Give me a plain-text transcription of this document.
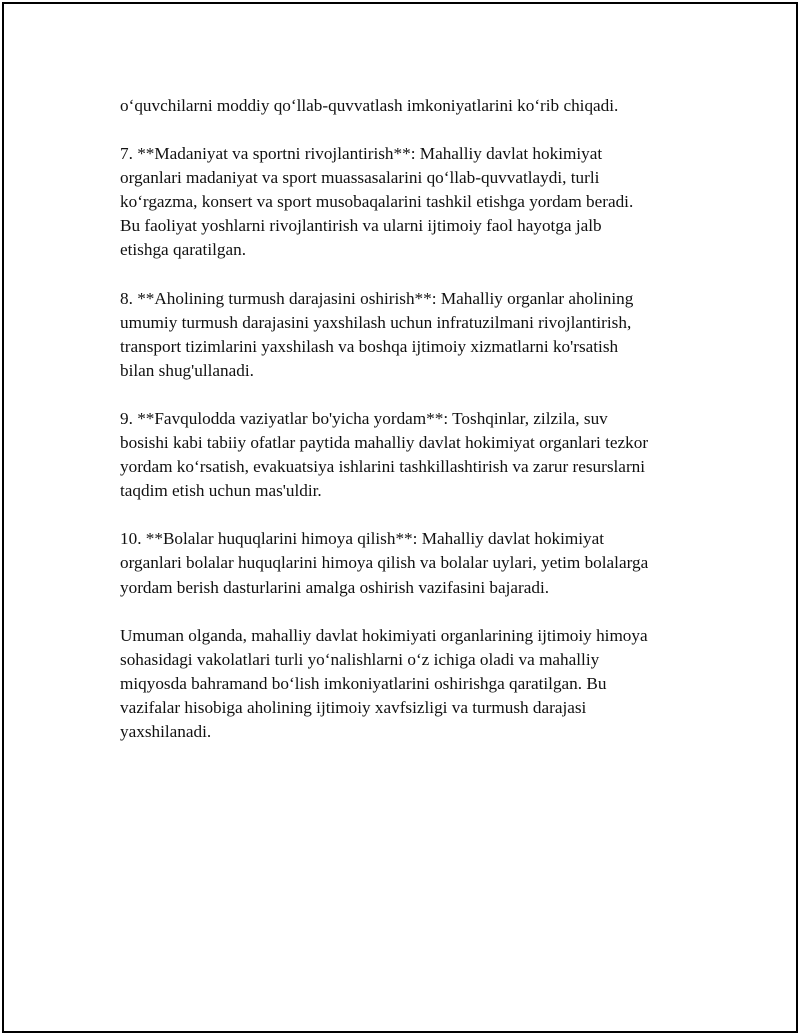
o‘quvchilarni moddiy qo‘llab-quvvatlash imkoniyatlarini ko‘rib chiqadi.

7. **Madaniyat va sportni rivojlantirish**: Mahalliy davlat hokimiyat
organlari madaniyat va sport muassasalarini qo‘llab-quvvatlaydi, turli
ko‘rgazma, konsert va sport musobaqalarini tashkil etishga yordam beradi.
Bu faoliyat yoshlarni rivojlantirish va ularni ijtimoiy faol hayotga jalb
etishga qaratilgan.

8. **Aholining turmush darajasini oshirish**: Mahalliy organlar aholining
umumiy turmush darajasini yaxshilash uchun infratuzilmani rivojlantirish,
transport tizimlarini yaxshilash va boshqa ijtimoiy xizmatlarni ko'rsatish
bilan shug'ullanadi.

9. **Favqulodda vaziyatlar bo'yicha yordam**: Toshqinlar, zilzila, suv
bosishi kabi tabiiy ofatlar paytida mahalliy davlat hokimiyat organlari tezkor
yordam ko‘rsatish, evakuatsiya ishlarini tashkillashtirish va zarur resurslarni
taqdim etish uchun mas'uldir.

10. **Bolalar huquqlarini himoya qilish**: Mahalliy davlat hokimiyat
organlari bolalar huquqlarini himoya qilish va bolalar uylari, yetim bolalarga
yordam berish dasturlarini amalga oshirish vazifasini bajaradi.

Umuman olganda, mahalliy davlat hokimiyati organlarining ijtimoiy himoya
sohasidagi vakolatlari turli yo‘nalishlarni o‘z ichiga oladi va mahalliy
miqyosda bahramand bo‘lish imkoniyatlarini oshirishga qaratilgan. Bu
vazifalar hisobiga aholining ijtimoiy xavfsizligi va turmush darajasi
yaxshilanadi.
